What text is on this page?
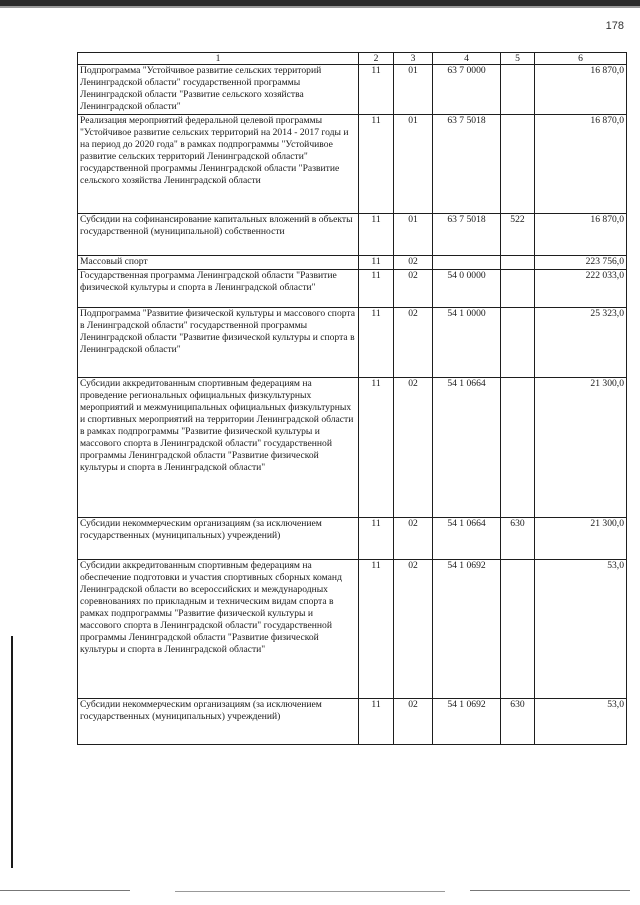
178
1	2	3	4	5	6
Подпрограмма "Устойчивое развитие сельских территорий Ленинградской области" государственной программы Ленинградской области "Развитие сельского хозяйства Ленинградской области"	11	01	63 7 0000		16 870,0
Реализация мероприятий федеральной целевой программы "Устойчивое развитие сельских территорий на 2014 - 2017 годы и на период до 2020 года" в рамках подпрограммы "Устойчивое развитие сельских территорий Ленинградской области" государственной программы Ленинградской области "Развитие сельского хозяйства Ленинградской области	11	01	63 7 5018		16 870,0
Субсидии на софинансирование капитальных вложений в объекты государственной (муниципальной) собственности	11	01	63 7 5018	522	16 870,0
Массовый спорт	11	02			223 756,0
Государственная программа Ленинградской области "Развитие физической культуры и спорта в Ленинградской области"	11	02	54 0 0000		222 033,0
Подпрограмма "Развитие физической культуры и массового спорта в Ленинградской области" государственной программы Ленинградской области "Развитие физической культуры и спорта в Ленинградской области"	11	02	54 1 0000		25 323,0
Субсидии аккредитованным спортивным федерациям на проведение региональных официальных физкультурных мероприятий и межмуниципальных официальных физкультурных и спортивных мероприятий на территории Ленинградской области в рамках подпрограммы "Развитие физической культуры и массового спорта в Ленинградской области" государственной программы Ленинградской области "Развитие физической культуры и спорта в Ленинградской области"	11	02	54 1 0664		21 300,0
Субсидии некоммерческим организациям (за исключением государственных (муниципальных) учреждений)	11	02	54 1 0664	630	21 300,0
Субсидии аккредитованным спортивным федерациям на обеспечение подготовки и участия спортивных сборных команд Ленинградской области во всероссийских и международных соревнованиях по прикладным и техническим видам спорта в рамках подпрограммы "Развитие физической культуры и массового спорта в Ленинградской области" государственной программы Ленинградской области "Развитие физической культуры и спорта в Ленинградской области"	11	02	54 1 0692		53,0
Субсидии некоммерческим организациям (за исключением государственных (муниципальных) учреждений)	11	02	54 1 0692	630	53,0
